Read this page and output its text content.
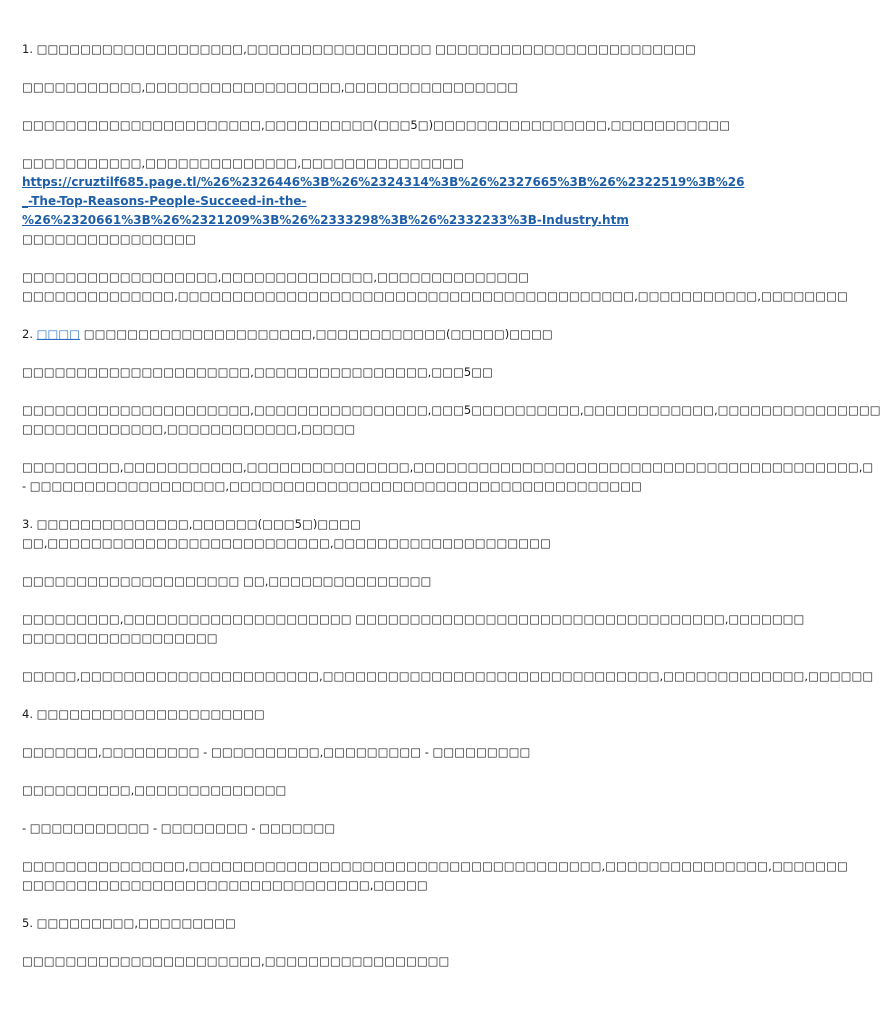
1. □□□□□□□□□□□□□□□□□□□,□□□□□□□□□□□□□□□□□ □□□□□□□□□□□□□□□□□□□□□□□□
□□□□□□□□□□□,□□□□□□□□□□□□□□□□□□,□□□□□□□□□□□□□□□□
□□□□□□□□□□□□□□□□□□□□□□,□□□□□□□□□□(□□□5□)□□□□□□□□□□□□□□□□,□□□□□□□□□□□
□□□□□□□□□□□,□□□□□□□□□□□□□□,□□□□□□□□□□□□□□□
https://cruztilf685.page.tl/%26%2326446%3B%26%2324314%3B%26%2327665%3B%26%2322519%3B%26
_-The-Top-Reasons-People-Succeed-in-the-
%26%2320661%3B%26%2321209%3B%26%2333298%3B%26%2332233%3B-Industry.htm
□□□□□□□□□□□□□□□□
□□□□□□□□□□□□□□□□□□,□□□□□□□□□□□□□□,□□□□□□□□□□□□□□
□□□□□□□□□□□□□□,□□□□□□□□□□□□□□□□□□□□□□□□□□□□□□□□□□□□□□□□□□,□□□□□□□□□□□,□□□□□□□□
2. □□□□ □□□□□□□□□□□□□□□□□□□□□,□□□□□□□□□□□□(□□□□□)□□□□
□□□□□□□□□□□□□□□□□□□□□,□□□□□□□□□□□□□□□□,□□□5□□
□□□□□□□□□□□□□□□□□□□□□,□□□□□□□□□□□□□□□□,□□□5□□□□□□□□□□,□□□□□□□□□□□□,□□□□□□□□□□□□□□□
□□□□□□□□□□□□□,□□□□□□□□□□□□,□□□□□
□□□□□□□□□,□□□□□□□□□□□,□□□□□□□□□□□□□□□,□□□□□□□□□□□□□□□□□□□□□□□□□□□□□□□□□□□□□□□□□,□
- □□□□□□□□□□□□□□□□□□,□□□□□□□□□□□□□□□□□□□□□□□□□□□□□□□□□□□□□□
3. □□□□□□□□□□□□□□,□□□□□□(□□□5□)□□□□
□□,□□□□□□□□□□□□□□□□□□□□□□□□□□,□□□□□□□□□□□□□□□□□□□□
□□□□□□□□□□□□□□□□□□□□ □□,□□□□□□□□□□□□□□□
□□□□□□□□□,□□□□□□□□□□□□□□□□□□□□□ □□□□□□□□□□□□□□□□□□□□□□□□□□□□□□□□□□,□□□□□□□
□□□□□□□□□□□□□□□□□□
□□□□□,□□□□□□□□□□□□□□□□□□□□□□,□□□□□□□□□□□□□□□□□□□□□□□□□□□□□□□,□□□□□□□□□□□□□,□□□□□□
4. □□□□□□□□□□□□□□□□□□□□□
□□□□□□□,□□□□□□□□□ - □□□□□□□□□□,□□□□□□□□□ - □□□□□□□□□
□□□□□□□□□□,□□□□□□□□□□□□□□
- □□□□□□□□□□□ - □□□□□□□□ - □□□□□□□
□□□□□□□□□□□□□□□,□□□□□□□□□□□□□□□□□□□□□□□□□□□□□□□□□□□□□□,□□□□□□□□□□□□□□□,□□□□□□□
□□□□□□□□□□□□□□□□□□□□□□□□□□□□□□□□,□□□□□
5. □□□□□□□□□,□□□□□□□□□
□□□□□□□□□□□□□□□□□□□□□□,□□□□□□□□□□□□□□□□□
